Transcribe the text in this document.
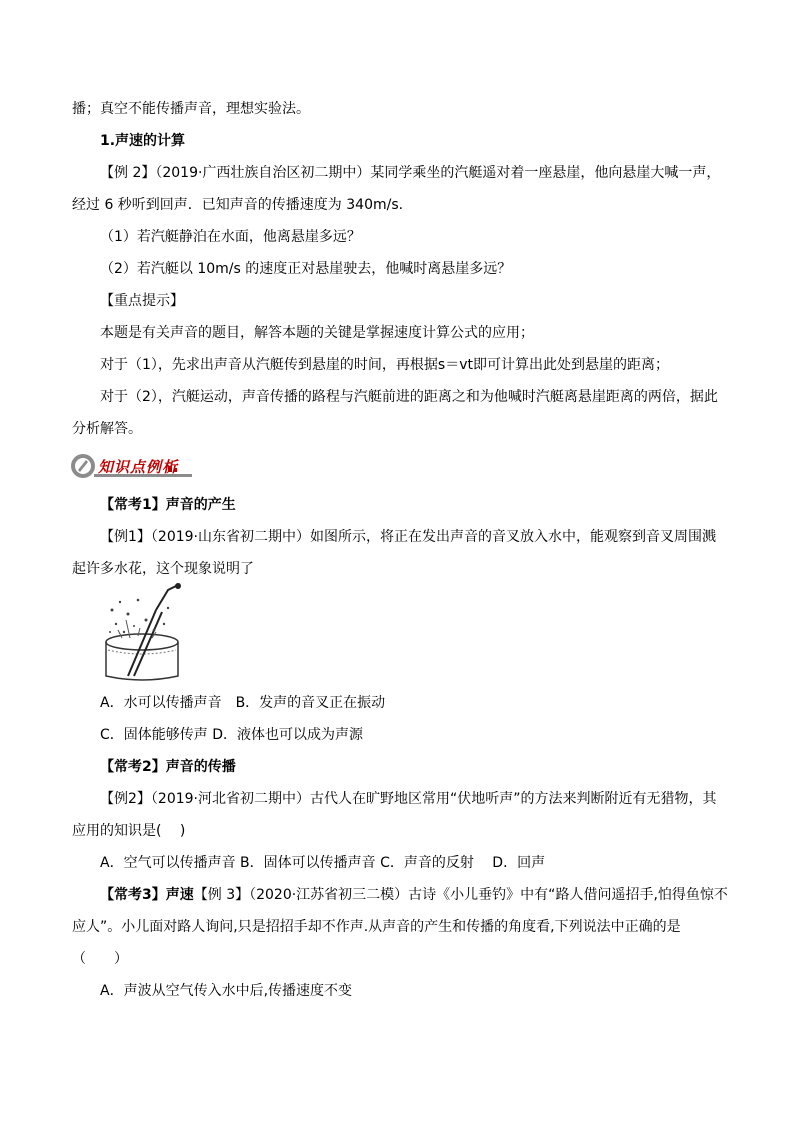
播；真空不能传播声音，理想实验法。
1.声速的计算
【例 2】（2019·广西壮族自治区初二期中）某同学乘坐的汽艇遥对着一座悬崖，他向悬崖大喊一声，
经过 6 秒听到回声．已知声音的传播速度为 340m/s.
（1）若汽艇静泊在水面，他离悬崖多远？
（2）若汽艇以 10m/s 的速度正对悬崖驶去，他喊时离悬崖多远？
【重点提示】
本题是有关声音的题目，解答本题的关键是掌握速度计算公式的应用；
对于（1），先求出声音从汽艇传到悬崖的时间，再根据s＝vt即可计算出此处到悬崖的距离；
对于（2），汽艇运动，声音传播的路程与汽艇前进的距离之和为他喊时汽艇离悬崖距离的两倍，据此
分析解答。
知识点例析
【常考1】声音的产生
【例1】（2019·山东省初二期中）如图所示，将正在发出声音的音叉放入水中，能观察到音叉周围溅
起许多水花，这个现象说明了
A．水可以传播声音　B．发声的音叉正在振动
C．固体能够传声 D．液体也可以成为声源
【常考2】声音的传播
【例2】（2019·河北省初二期中）古代人在旷野地区常用“伏地听声”的方法来判断附近有无猎物，其
应用的知识是(　 )
A．空气可以传播声音 B．固体可以传播声音 C．声音的反射　 D．回声
【常考3】声速【例 3】（2020·江苏省初三二模）古诗《小儿垂钓》中有“路人借问遥招手,怕得鱼惊不
应人”。小儿面对路人询问,只是招招手却不作声.从声音的产生和传播的角度看,下列说法中正确的是
（　　）
A．声波从空气传入水中后,传播速度不变
